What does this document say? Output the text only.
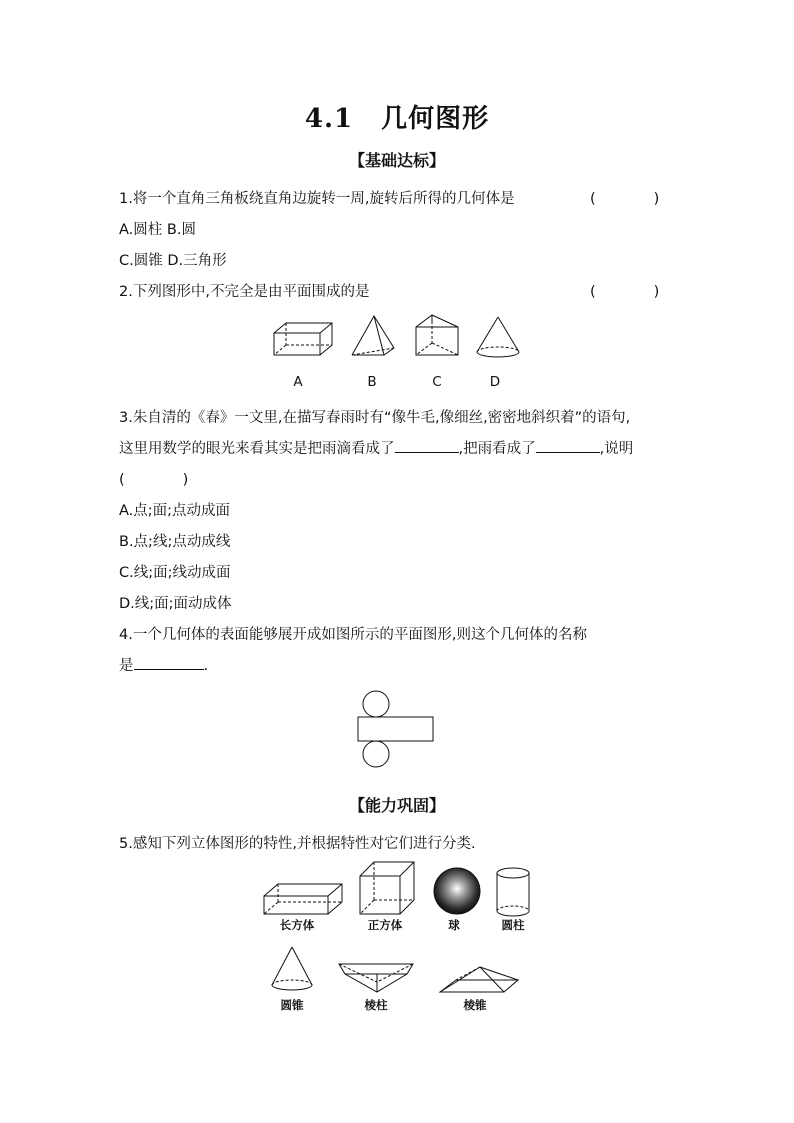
4.1 几何图形
【基础达标】
1.将一个直角三角板绕直角边旋转一周,旋转后所得的几何体是	(　　　　)
A.圆柱 B.圆
C.圆锥 D.三角形
2.下列图形中,不完全是由平面围成的是	(　　　　)
A	B	C	D
3.朱自清的《春》一文里,在描写春雨时有“像牛毛,像细丝,密密地斜织着”的语句,
这里用数学的眼光来看其实是把雨滴看成了	,把雨看成了	,说明
(　　　　)
A.点;面;点动成面
B.点;线;点动成线
C.线;面;线动成面
D.线;面;面动成体
4.一个几何体的表面能够展开成如图所示的平面图形,则这个几何体的名称
是	.
【能力巩固】
5.感知下列立体图形的特性,并根据特性对它们进行分类.
长方体	正方体	球	圆柱
圆锥	棱柱	棱锥
